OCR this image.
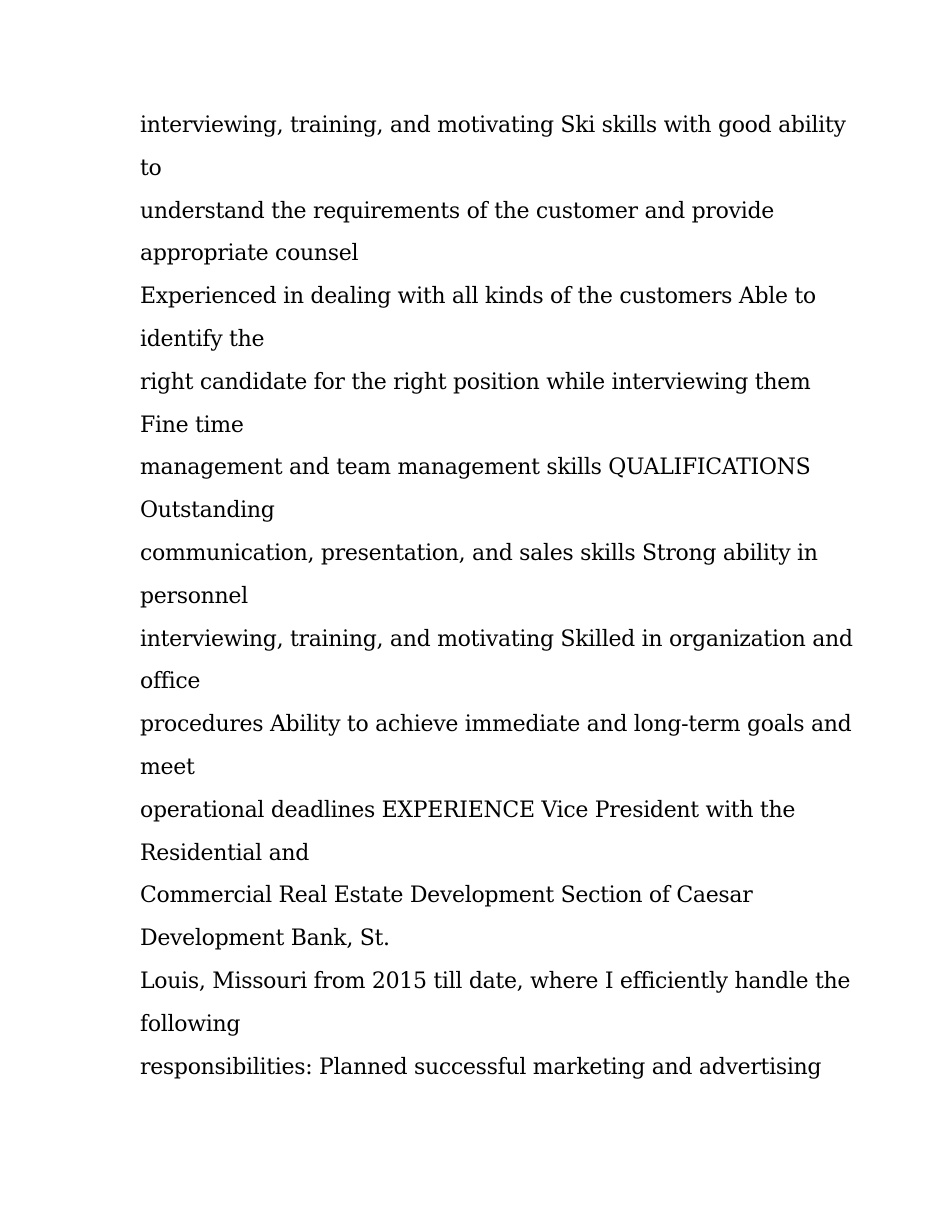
interviewing, training, and motivating Ski skills with good ability
to
understand the requirements of the customer and provide
appropriate counsel
Experienced in dealing with all kinds of the customers Able to
identify the
right candidate for the right position while interviewing them
Fine time
management and team management skills QUALIFICATIONS
Outstanding
communication, presentation, and sales skills Strong ability in
personnel
interviewing, training, and motivating Skilled in organization and
office
procedures Ability to achieve immediate and long-term goals and
meet
operational deadlines EXPERIENCE Vice President with the
Residential and
Commercial Real Estate Development Section of Caesar
Development Bank, St.
Louis, Missouri from 2015 till date, where I efficiently handle the
following
responsibilities: Planned successful marketing and advertising
